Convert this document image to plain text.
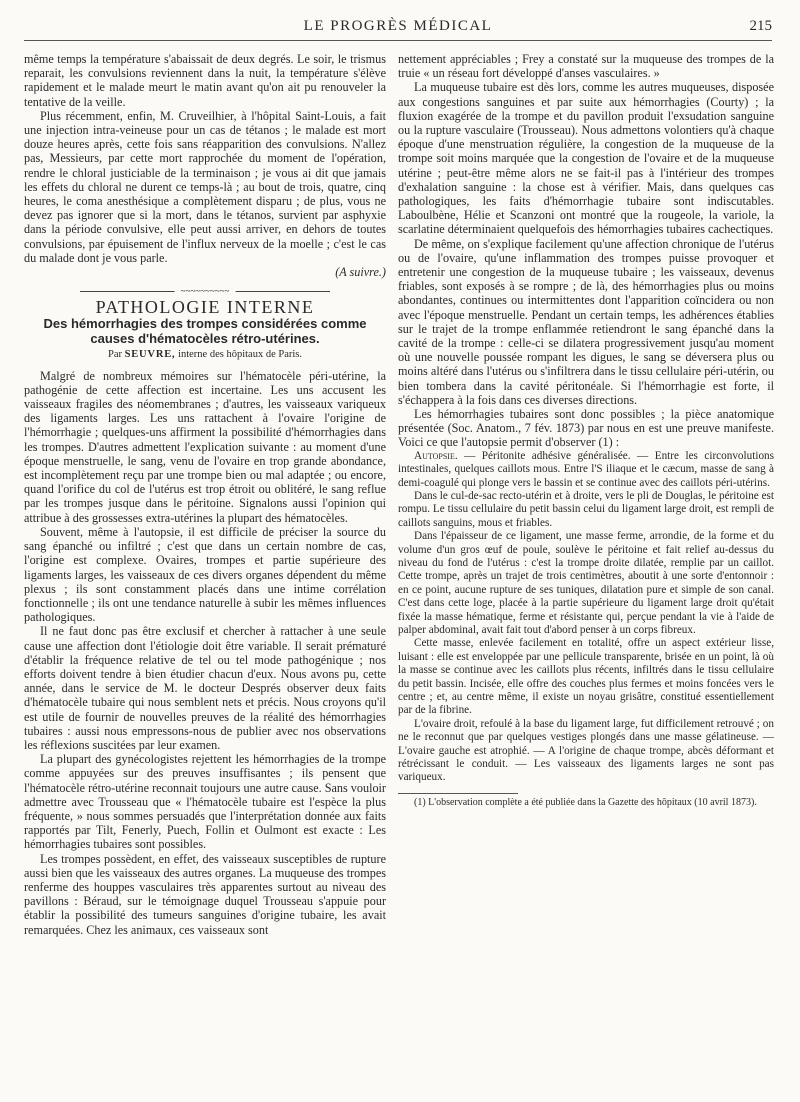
LE PROGRÈS MÉDICAL	215

même temps la température s'abaissait de deux degrés. Le soir, le trismus reparait, les convulsions reviennent dans la nuit, la température s'élève rapidement et le malade meurt le matin avant qu'on ait pu renouveler la tentative de la veille.

Plus récemment, enfin, M. Cruveilhier, à l'hôpital Saint-Louis, a fait une injection intra-veineuse pour un cas de tétanos ; le malade est mort douze heures après, cette fois sans réapparition des convulsions. N'allez pas, Messieurs, par cette mort rapprochée du moment de l'opération, rendre le chloral justiciable de la terminaison ; je vous ai dit que jamais les effets du chloral ne durent ce temps-là ; au bout de trois, quatre, cinq heures, le coma anesthésique a complètement disparu ; de plus, vous ne devez pas ignorer que si la mort, dans le tétanos, survient par asphyxie dans la période convulsive, elle peut aussi arriver, en dehors de toutes convulsions, par épuisement de l'influx nerveux de la moelle ; c'est le cas du malade dont je vous parle.

(A suivre.)

~~~~~~~~~~
PATHOLOGIE INTERNE
Des hémorrhagies des trompes considérées comme causes d'hématocèles rétro-utérines.
Par SEUVRE, interne des hôpitaux de Paris.

Malgré de nombreux mémoires sur l'hématocèle péri-utérine, la pathogénie de cette affection est incertaine. Les uns accusent les vaisseaux fragiles des néomembranes ; d'autres, les vaisseaux variqueux des ligaments larges. Les uns rattachent à l'ovaire l'origine de l'hémorrhagie ; quelques-uns affirment la possibilité d'hémorrhagies dans les trompes. D'autres admettent l'explication suivante : au moment d'une époque menstruelle, le sang, venu de l'ovaire en trop grande abondance, est incomplètement reçu par une trompe bien ou mal adaptée ; ou encore, quand l'orifice du col de l'utérus est trop étroit ou oblitéré, le sang reflue par les trompes jusque dans le péritoine. Signalons aussi l'opinion qui attribue à des grossesses extra-utérines la plupart des hématocèles.

Souvent, même à l'autopsie, il est difficile de préciser la source du sang épanché ou infiltré ; c'est que dans un certain nombre de cas, l'origine est complexe. Ovaires, trompes et partie supérieure des ligaments larges, les vaisseaux de ces divers organes dépendent du même plexus ; ils sont constamment placés dans une intime corrélation fonctionnelle ; ils ont une tendance naturelle à subir les mêmes influences pathologiques.

Il ne faut donc pas être exclusif et chercher à rattacher à une seule cause une affection dont l'étiologie doit être variable. Il serait prématuré d'établir la fréquence relative de tel ou tel mode pathogénique ; nos efforts doivent tendre à bien étudier chacun d'eux. Nous avons pu, cette année, dans le service de M. le docteur Després observer deux faits d'hématocèle tubaire qui nous semblent nets et précis. Nous croyons qu'il est utile de fournir de nouvelles preuves de la réalité des hémorrhagies tubaires : aussi nous empressons-nous de publier avec nos observations les réflexions suscitées par leur examen.

La plupart des gynécologistes rejettent les hémorrhagies de la trompe comme appuyées sur des preuves insuffisantes ; ils pensent que l'hématocèle rétro-utérine reconnait toujours une autre cause. Sans vouloir admettre avec Trousseau que « l'hématocèle tubaire est l'espèce la plus fréquente, » nous sommes persuadés que l'interprétation donnée aux faits rapportés par Tilt, Fenerly, Puech, Follin et Oulmont est exacte : Les hémorrhagies tubaires sont possibles.

Les trompes possèdent, en effet, des vaisseaux susceptibles de rupture aussi bien que les vaisseaux des autres organes. La muqueuse des trompes renferme des houppes vasculaires très apparentes surtout au niveau des pavillons : Béraud, sur le témoignage duquel Trousseau s'appuie pour établir la possibilité des tumeurs sanguines d'origine tubaire, les avait remarquées. Chez les animaux, ces vaisseaux sont

nettement appréciables ; Frey a constaté sur la muqueuse des trompes de la truie « un réseau fort développé d'anses vasculaires. »

La muqueuse tubaire est dès lors, comme les autres muqueuses, disposée aux congestions sanguines et par suite aux hémorrhagies (Courty) ; la fluxion exagérée de la trompe et du pavillon produit l'exsudation sanguine ou la rupture vasculaire (Trousseau). Nous admettons volontiers qu'à chaque époque d'une menstruation régulière, la congestion de la muqueuse de la trompe soit moins marquée que la congestion de l'ovaire et de la muqueuse utérine ; peut-être même alors ne se fait-il pas à l'intérieur des trompes d'exhalation sanguine : la chose est à vérifier. Mais, dans quelques cas pathologiques, les faits d'hémorrhagie tubaire sont indiscutables. Laboulbène, Hélie et Scanzoni ont montré que la rougeole, la variole, la scarlatine déterminaient quelquefois des hémorrhagies tubaires cachectiques.

De même, on s'explique facilement qu'une affection chronique de l'utérus ou de l'ovaire, qu'une inflammation des trompes puisse provoquer et entretenir une congestion de la muqueuse tubaire ; les vaisseaux, devenus friables, sont exposés à se rompre ; de là, des hémorrhagies plus ou moins abondantes, continues ou intermittentes dont l'apparition coïncidera ou non avec l'époque menstruelle. Pendant un certain temps, les adhérences établies sur le trajet de la trompe enflammée retiendront le sang épanché dans la cavité de la trompe : celle-ci se dilatera progressivement jusqu'au moment où une nouvelle poussée rompant les digues, le sang se déversera plus ou moins altéré dans l'utérus ou s'infiltrera dans le tissu cellulaire péri-utérin, ou bien tombera dans la cavité péritonéale. Si l'hémorrhagie est forte, il s'échappera à la fois dans ces diverses directions.

Les hémorrhagies tubaires sont donc possibles ; la pièce anatomique présentée (Soc. Anatom., 7 fév. 1873) par nous en est une preuve manifeste. Voici ce que l'autopsie permit d'observer (1) :

Autopsie. — Péritonite adhésive généralisée. — Entre les circonvolutions intestinales, quelques caillots mous. Entre l'S iliaque et le cæcum, masse de sang à demi-coagulé qui plonge vers le bassin et se continue avec des caillots péri-utérins.

Dans le cul-de-sac recto-utérin et à droite, vers le pli de Douglas, le péritoine est rompu. Le tissu cellulaire du petit bassin celui du ligament large droit, est rempli de caillots sanguins, mous et friables.

Dans l'épaisseur de ce ligament, une masse ferme, arrondie, de la forme et du volume d'un gros œuf de poule, soulève le péritoine et fait relief au-dessus du niveau du fond de l'utérus : c'est la trompe droite dilatée, remplie par un caillot. Cette trompe, après un trajet de trois centimètres, aboutit à une sorte d'entonnoir : en ce point, aucune rupture de ses tuniques, dilatation pure et simple de son canal. C'est dans cette loge, placée à la partie supérieure du ligament large droit qu'était fixée la masse hématique, ferme et résistante qui, perçue pendant la vie à l'aide de palper abdominal, avait fait tout d'abord penser à un corps fibreux.

Cette masse, enlevée facilement en totalité, offre un aspect extérieur lisse, luisant : elle est enveloppée par une pellicule transparente, brisée en un point, là où la masse se continue avec les caillots plus récents, infiltrés dans le tissu cellulaire du petit bassin. Incisée, elle offre des couches plus fermes et moins foncées vers le centre ; et, au centre même, il existe un noyau grisâtre, constitué essentiellement par de la fibrine.

L'ovaire droit, refoulé à la base du ligament large, fut difficilement retrouvé ; on ne le reconnut que par quelques vestiges plongés dans une masse gélatineuse. — L'ovaire gauche est atrophié. — A l'origine de chaque trompe, abcès déformant et rétrécissant le conduit. — Les vaisseaux des ligaments larges ne sont pas variqueux.

(1) L'observation complète a été publiée dans la Gazette des hôpitaux (10 avril 1873).
